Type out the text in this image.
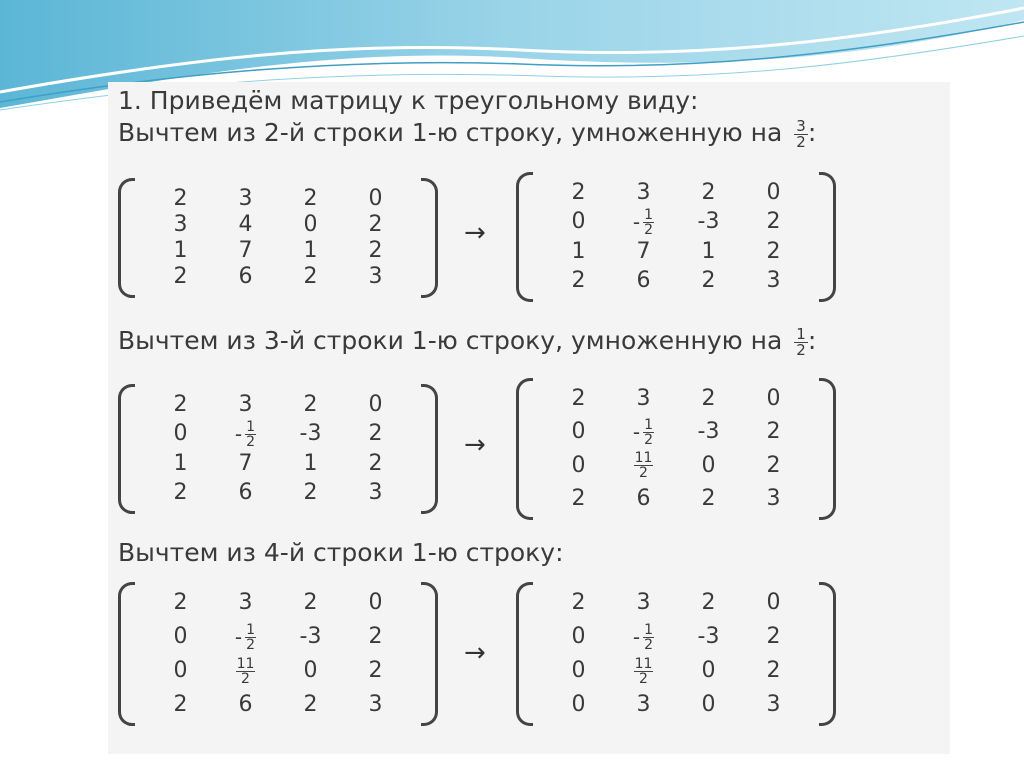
1. Приведём матрицу к треугольному виду:
Вычтем из 2-й строки 1-ю строку, умноженную на $\frac{3}{2}$ :
2	3	2	0
3	4	0	2
1	7	1	2
2	6	2	3
→
2	3	2	0
0	- $\frac{1}{2}$	-3	2
1	7	1	2
2	6	2	3
Вычтем из 3-й строки 1-ю строку, умноженную на $\frac{1}{2}$ :
2	3	2	0
0	- $\frac{1}{2}$	-3	2
1	7	1	2
2	6	2	3
→
2	3	2	0
0	- $\frac{1}{2}$	-3	2
0	$\frac{11}{2}$	0	2
2	6	2	3
Вычтем из 4-й строки 1-ю строку:
2	3	2	0
0	- $\frac{1}{2}$	-3	2
0	$\frac{11}{2}$	0	2
2	6	2	3
→
2	3	2	0
0	- $\frac{1}{2}$	-3	2
0	$\frac{11}{2}$	0	2
0	3	0	3
